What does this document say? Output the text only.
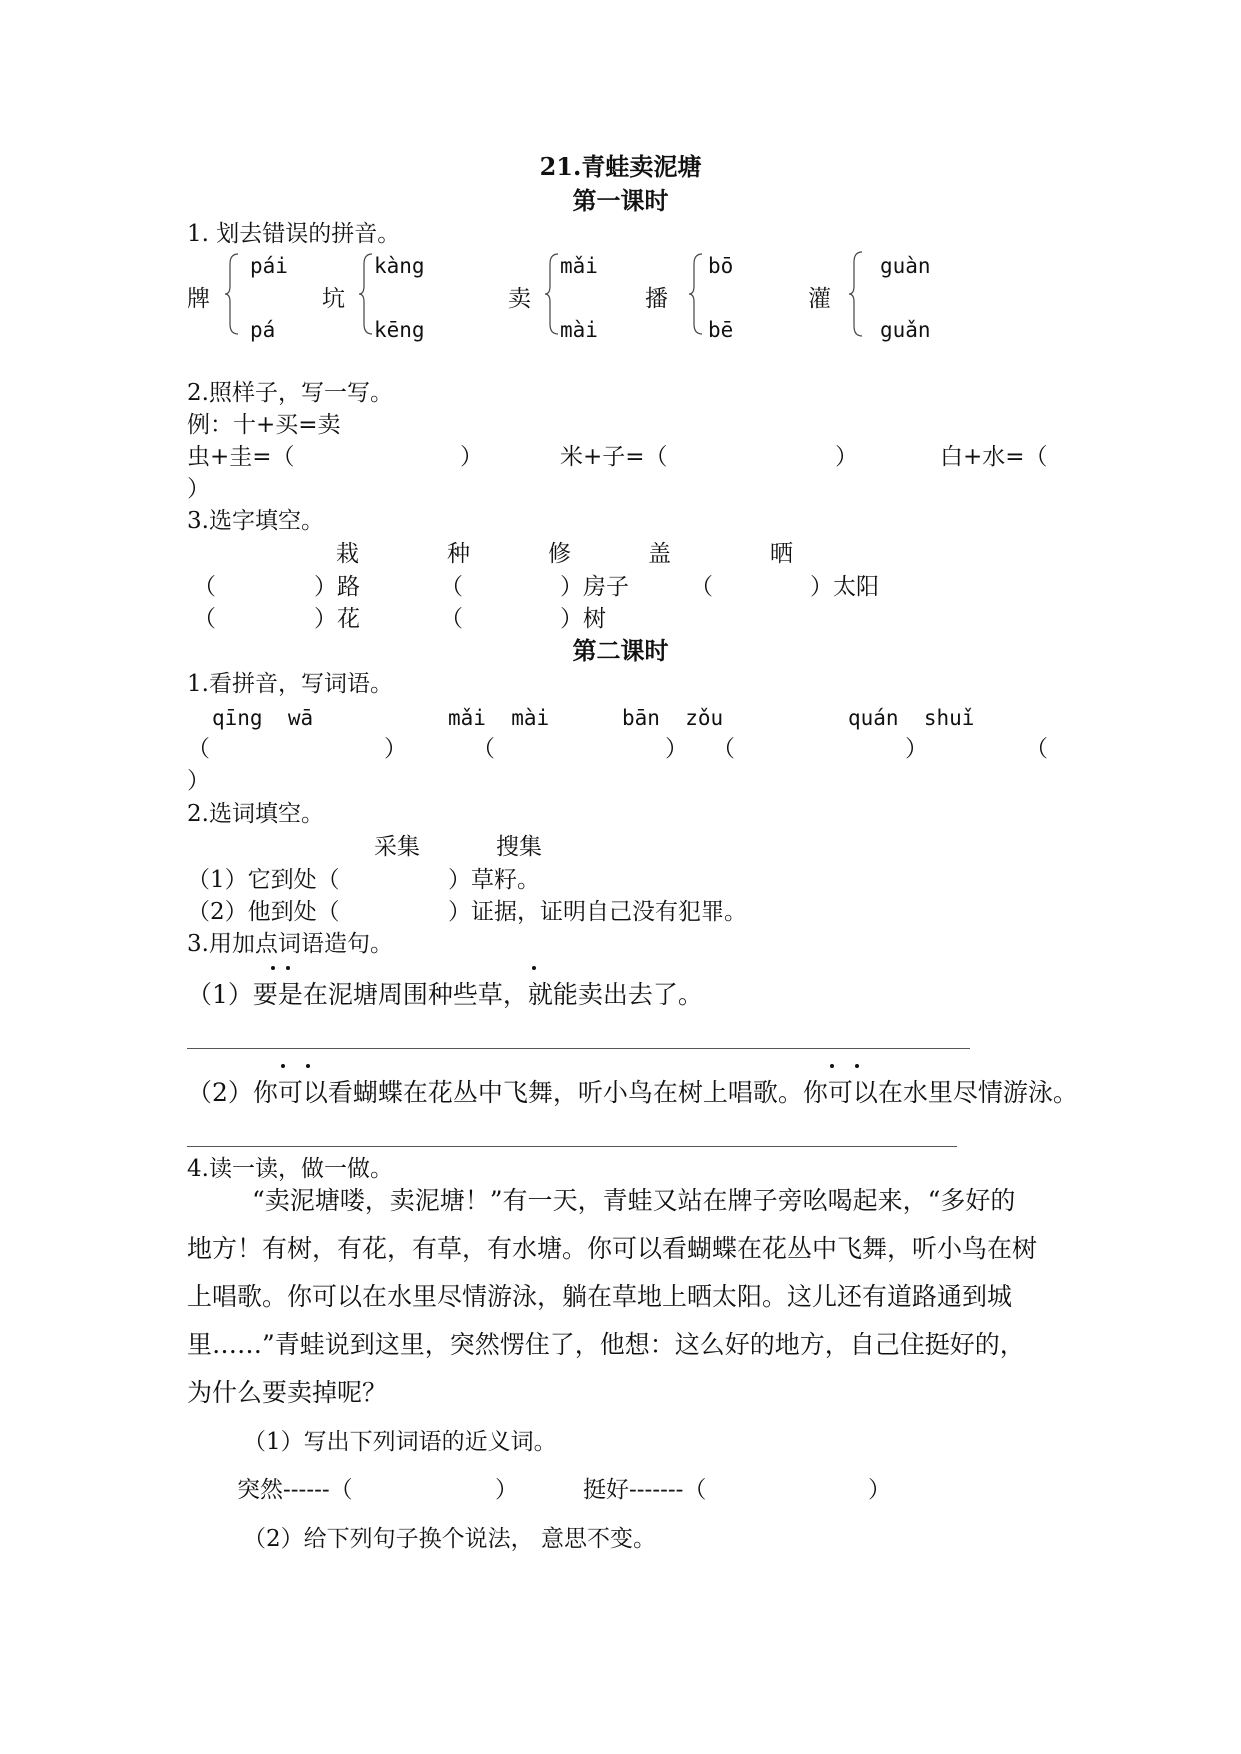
21.青蛙卖泥塘
第一课时
1. 划去错误的拼音。
牌
pái
pá
坑
kàng
kēng
卖
mǎi
mài
播
bō
bē
灌
guàn
guǎn
2.照样子，写一写。
例：十+买=卖
虫+圭=（	）	米+子=（	）	白+水=（
）
3.选字填空。
栽	种	修	盖	晒
（	）路	（	）房子	（	）太阳
（	）花	（	）树
第二课时
1.看拼音，写词语。
qīng  wā	mǎi  mài	bān  zǒu	quán  shuǐ
（	）	（	） （	）	（
）
2.选词填空。
采集	搜集
（1）它到处（	）草籽。
（2）他到处（	）证据，证明自己没有犯罪。
3.用加点词语造句。
（1）要是在泥塘周围种些草，就能卖出去了。
（2）你可以看蝴蝶在花丛中飞舞，听小鸟在树上唱歌。你可以在水里尽情游泳。
4.读一读，做一做。
“卖泥塘喽，卖泥塘！”有一天，青蛙又站在牌子旁吆喝起来，“多好的
地方！有树，有花，有草，有水塘。你可以看蝴蝶在花丛中飞舞，听小鸟在树
上唱歌。你可以在水里尽情游泳，躺在草地上晒太阳。这儿还有道路通到城
里……”青蛙说到这里，突然愣住了，他想：这么好的地方，自己住挺好的，
为什么要卖掉呢？
（1）写出下列词语的近义词。
突然------（	）	挺好-------（	）
（2）给下列句子换个说法， 意思不变。
